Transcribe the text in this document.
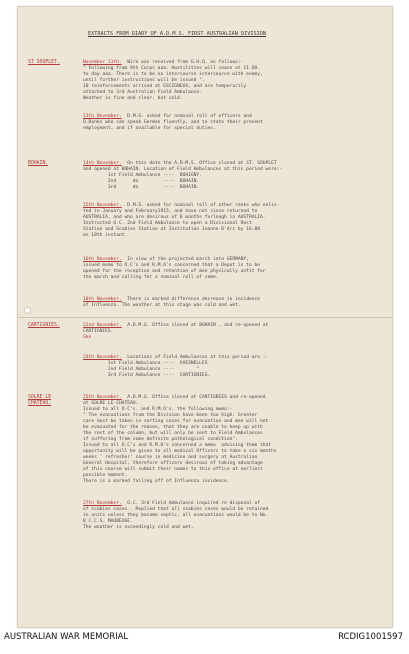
EXTRACTS FROM DIARY OF A.D.M.S. FIRST AUSTRALIAN DIVISION
ST SOUPLET.
BOHAIN.
CARTIGNIES.
SOLRE LE
CHATEAU.
November 11th. Wire was received from G.H.Q. as follows:-
" Following from 9th Corps aaa. Hostilities will cease at 11 OO.
to day aaa. There is to be no intercourse intercourse with enemy,
until further instructions will be issued ".
10 reinforcements arrived at ESCIGNEUX, and are temporarily
attached to 3rd Australian Field Ambulance.
Weather is fine and clear, but cold.
13th November. D.M.S. asked for nominal roll of officers and
O.Ranks who can speak German fluently, and to state their present
employment, and if available for special duties.
14th November. On this date the A.D.M.S. Office closed at ST. SOUPLET
and opened at BOHAIN. Location of Field Ambulances at this period were:-
1st Field Ambulance ----  BOHIGNY.
2nd      do         ----  BOHAIN.
3rd      do         ----  BOHAIN.
15th November. D.M.S. asked for nominal roll of other ranks who enlis-
ted in January and February1915, and have not since returned to
AUSTRALIA, and who are desirous of 6 months furlough in AUSTRALIA.
Instructed O.C. 2nd Field Ambulance to open a Divisional Rest
Station and Scabies Station at Institution Jeanne D'Arc by 16.00
on 18th instant.
16th November. In view of the projected march into GERMANY,
issued memo to O.C's and R.M.O's concerned that a Depot is to be
opened for the reception and retention of men physically unfit for
the march and calling for a nominal roll of same.
18th November. There is marked difference decrease in incidence
of Influenza. The weather at this stage was cold and wet.
22nd November. A.D.M.S. Office closed at BOHAIN , and re-opened at
CARTIGNIES.
Ske
24th November. Locations of Field Ambulances at this period are :-
1st Field Ambulance ----  AVESNELLES
2nd Field Ambulance ----        "
3rd Field Ambulance ----  CARTIGNIES.
25th November. A.D.M.S. Office closed at CARTIGNIES and re-opened
at SOLRE LE CHATEAU.
Issued to all O.C's. and R.M.O's. the following memo:-
" The evacuations from the Division have been too high. Greater
care must be taken in sorting cases for evacuation and men will not
be evacuated for the reason, that they are unable to keep up with
the rest of the column, but will only be sent to Field Ambulances
if suffering from some definite pathological condition".
Issued to all O.C's and R.M.O's concerned a memo  advising them that
opportunity will be given to all medical Officers to take a six months
weeks ' refresher' course in medicine and surgery at Australian
General Hospital, therefore officers desirous of taking advantage
of this course will submit their names to this office at earliest
possible moment.
There is a marked falling off of Influenza incidence.
27th November. O.C. 3rd Field Ambulance inquired re disposal of
of scabies cases . Replied that all scabies cases would be retained
in units unless they became septic, all evacuations would be to No.
8 C.C.S. MAUBEUGE.
The weather is exceedingly cold and wet.
AUSTRALIAN WAR MEMORIAL	RCDIG1001597
